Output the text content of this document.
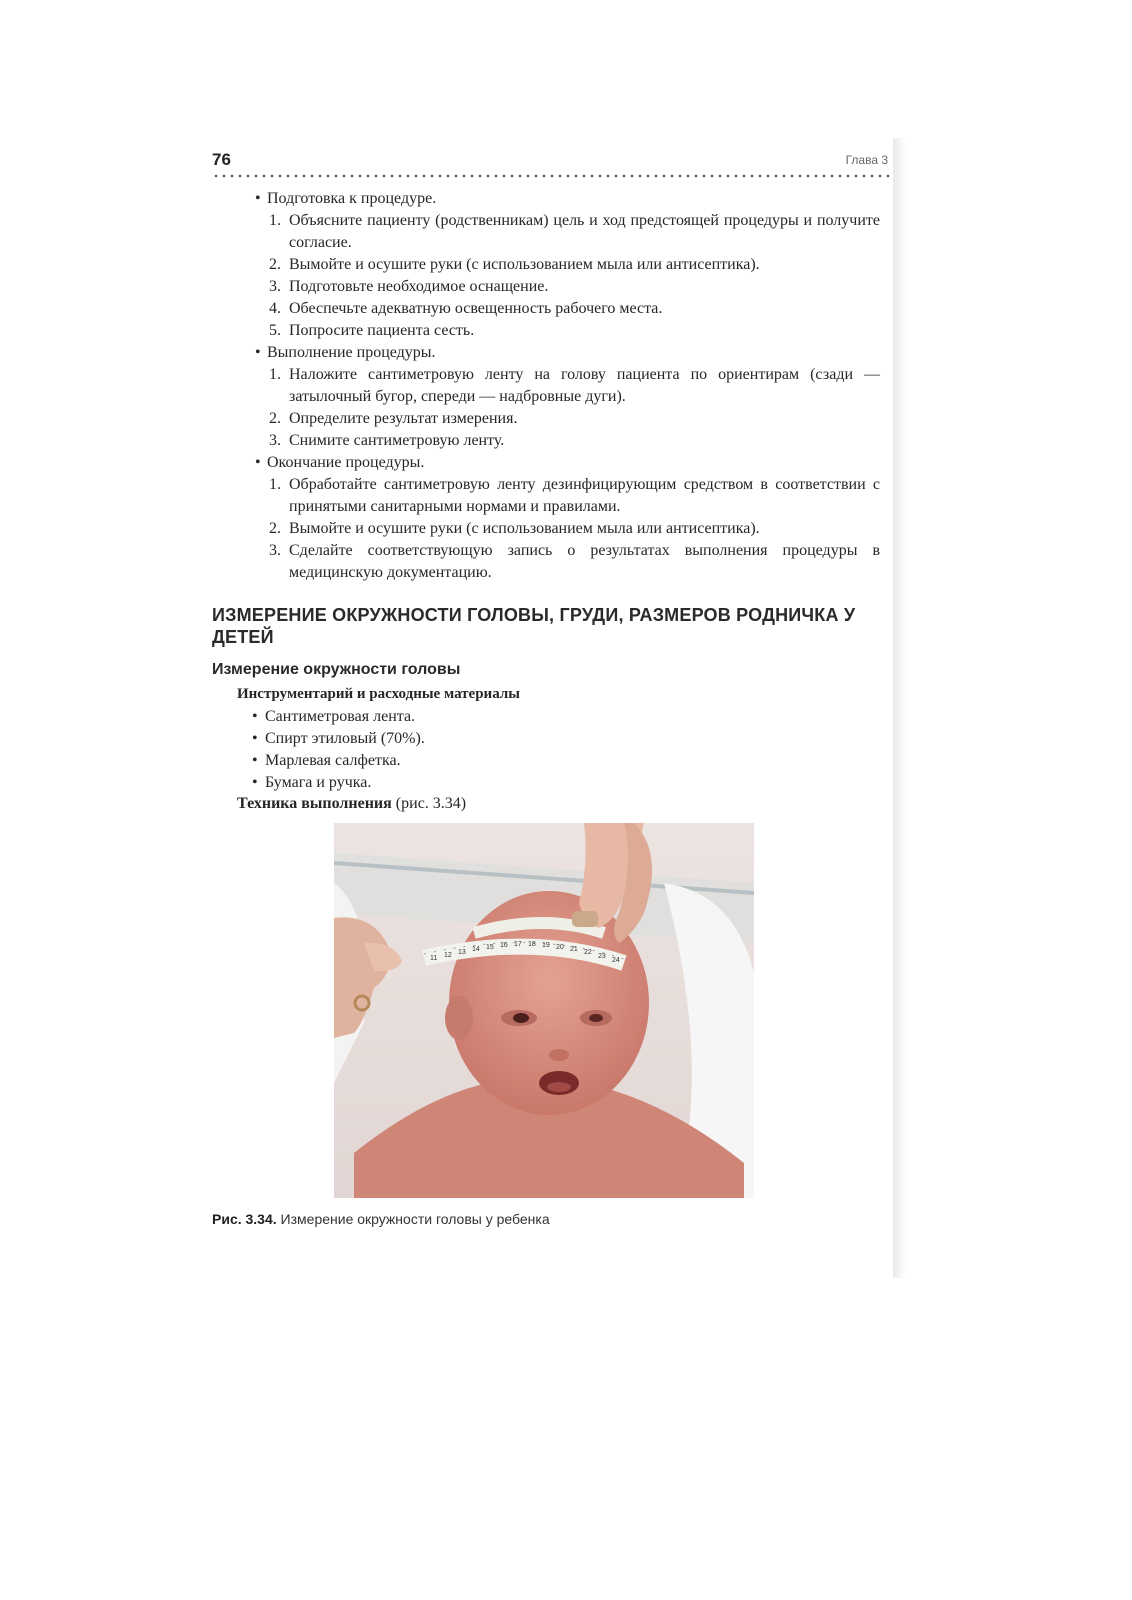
76	Глава 3
• Подготовка к процедуре.
1. Объясните пациенту (родственникам) цель и ход предстоящей процедуры и получите согласие.
2. Вымойте и осушите руки (с использованием мыла или антисептика).
3. Подготовьте необходимое оснащение.
4. Обеспечьте адекватную освещенность рабочего места.
5. Попросите пациента сесть.
• Выполнение процедуры.
1. Наложите сантиметровую ленту на голову пациента по ориентирам (сзади — затылочный бугор, спереди — надбровные дуги).
2. Определите результат измерения.
3. Снимите сантиметровую ленту.
• Окончание процедуры.
1. Обработайте сантиметровую ленту дезинфицирующим средством в соответствии с принятыми санитарными нормами и правилами.
2. Вымойте и осушите руки (с использованием мыла или антисептика).
3. Сделайте соответствующую запись о результатах выполнения процедуры в медицинскую документацию.
ИЗМЕРЕНИЕ ОКРУЖНОСТИ ГОЛОВЫ, ГРУДИ, РАЗМЕРОВ РОДНИЧКА У ДЕТЕЙ
Измерение окружности головы
Инструментарий и расходные материалы
• Сантиметровая лента.
• Спирт этиловый (70%).
• Марлевая салфетка.
• Бумага и ручка.
Техника выполнения (рис. 3.34)
11 12 13 14 15 16 17 18 19 20 21 22
23
24
Рис. 3.34. Измерение окружности головы у ребенка
